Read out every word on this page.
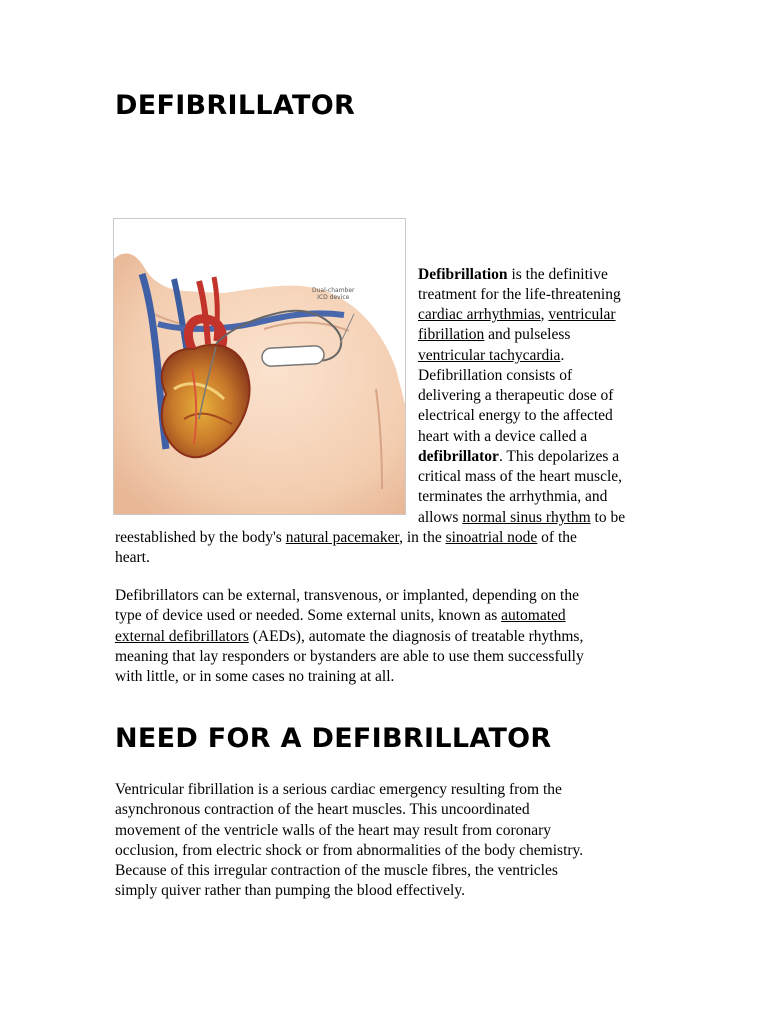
DEFIBRILLATOR
Dual-chamber
ICD device
Defibrillation is the definitive
treatment for the life-threatening
cardiac arrhythmias, ventricular
fibrillation and pulseless
ventricular tachycardia.
Defibrillation consists of
delivering a therapeutic dose of
electrical energy to the affected
heart with a device called a
defibrillator. This depolarizes a
critical mass of the heart muscle,
terminates the arrhythmia, and
allows normal sinus rhythm to be
reestablished by the body's natural pacemaker, in the sinoatrial node of the
heart.
Defibrillators can be external, transvenous, or implanted, depending on the
type of device used or needed. Some external units, known as automated
external defibrillators (AEDs), automate the diagnosis of treatable rhythms,
meaning that lay responders or bystanders are able to use them successfully
with little, or in some cases no training at all.
NEED FOR A DEFIBRILLATOR
Ventricular fibrillation is a serious cardiac emergency resulting from the
asynchronous contraction of the heart muscles. This uncoordinated
movement of the ventricle walls of the heart may result from coronary
occlusion, from electric shock or from abnormalities of the body chemistry.
Because of this irregular contraction of the muscle fibres, the ventricles
simply quiver rather than pumping the blood effectively.
